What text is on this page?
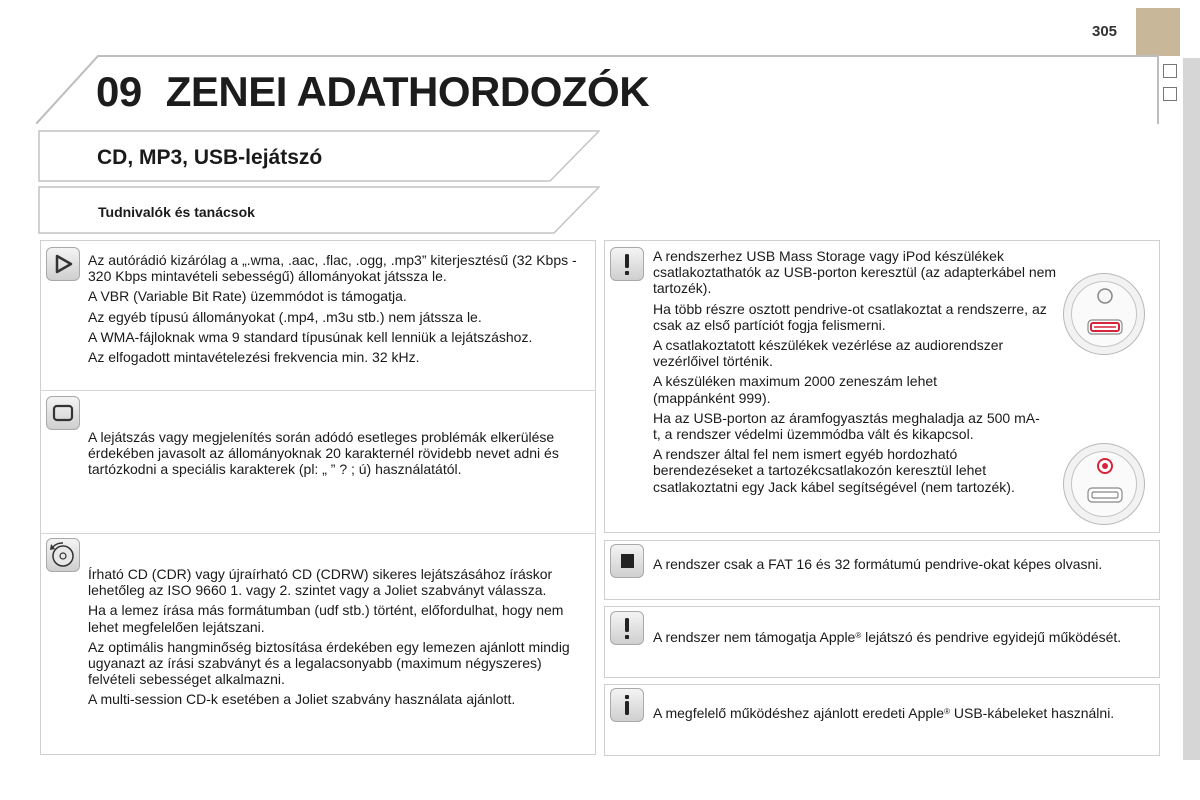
305
09 ZENEI ADATHORDOZÓK
CD, MP3, USB-lejátszó
Tudnivalók és tanácsok

Az autórádió kizárólag a „.wma, .aac, .flac, .ogg, .mp3” kiterjesztésű (32 Kbps - 320 Kbps mintavételi sebességű) állományokat játssza le.

A VBR (Variable Bit Rate) üzemmódot is támogatja.

Az egyéb típusú állományokat (.mp4, .m3u stb.) nem játssza le.

A WMA-fájloknak wma 9 standard típusúnak kell lenniük a lejátszáshoz.

Az elfogadott mintavételezési frekvencia min. 32 kHz.

A lejátszás vagy megjelenítés során adódó esetleges problémák elkerülése érdekében javasolt az állományoknak 20 karakternél rövidebb nevet adni és tartózkodni a speciális karakterek (pl: „ ” ? ; ú) használatától.

Írható CD (CDR) vagy újraírható CD (CDRW) sikeres lejátszásához íráskor lehetőleg az ISO 9660 1. vagy 2. szintet vagy a Joliet szabványt válassza.

Ha a lemez írása más formátumban (udf stb.) történt, előfordulhat, hogy nem lehet megfelelően lejátszani.

Az optimális hangminőség biztosítása érdekében egy lemezen ajánlott mindig ugyanazt az írási szabványt és a legalacsonyabb (maximum négyszeres) felvételi sebességet alkalmazni.

A multi-session CD-k esetében a Joliet szabvány használata ajánlott.

A rendszerhez USB Mass Storage vagy iPod készülékek csatlakoztathatók az USB-porton keresztül (az adapterkábel nem tartozék).

Ha több részre osztott pendrive-ot csatlakoztat a rendszerre, az csak az első partíciót fogja felismerni.

A csatlakoztatott készülékek vezérlése az audiorendszer vezérlőivel történik.

A készüléken maximum 2000 zeneszám lehet (mappánként 999).

Ha az USB-porton az áramfogyasztás meghaladja az 500 mA-t, a rendszer védelmi üzemmódba vált és kikapcsol.

A rendszer által fel nem ismert egyéb hordozható berendezéseket a tartozékcsatlakozón keresztül lehet csatlakoztatni egy Jack kábel segítségével (nem tartozék).

A rendszer csak a FAT 16 és 32 formátumú pendrive-okat képes olvasni.
A rendszer nem támogatja Apple® lejátszó és pendrive egyidejű működését.
A megfelelő működéshez ajánlott eredeti Apple® USB-kábeleket használni.
